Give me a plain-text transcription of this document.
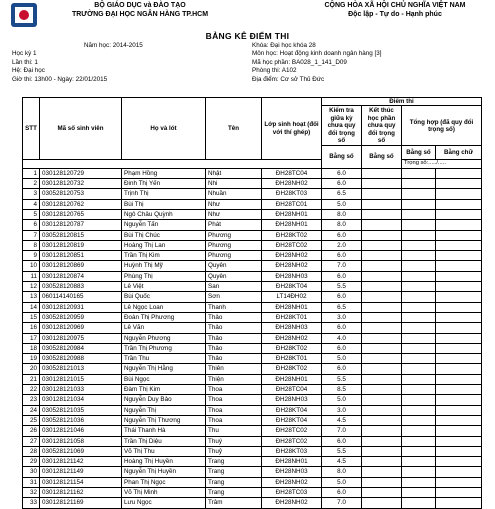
BỘ GIÁO DỤC và ĐÀO TẠO
TRƯỜNG ĐẠI HỌC NGÂN HÀNG TP.HCM
CỘNG HÒA XÃ HỘI CHỦ NGHĨA VIỆT NAM
Độc lập - Tự do - Hạnh phúc
BẢNG KÊ ĐIỂM THI
Năm học: 2014-2015
Học kỳ 1
Lần thi: 1
Hệ: Đại học
Giờ thi: 13h00 - Ngày: 22/01/2015
Khóa: Đại học khóa 28
Môn học: Hoạt động kinh doanh ngân hàng [3]
Mã học phần: BA028_1_141_D09
Phòng thi: A102
Địa điểm: Cơ sở Thủ Đức
STT	Mã số sinh viên	Họ và lót	Tên	Lớp sinh hoạt (đối với thí ghép)	Điểm thi			
					Kiểm tra giữa kỳ chưa quy đổi trọng số	Kết thúc học phần chưa quy đổi trọng số	Tổng hợp (đã quy đổi trọng số)	
					Bằng số	Bằng số	Bằng số	Bằng chữ
							Trọng số:...../.....	
1	030128120729	Phạm Hồng	Nhật	ĐH28TC04	6.0			
2	030128120732	Đinh Thị Yến	Nhi	ĐH28NH02	6.0			
3	030528120753	Trịnh Thị	Nhuần	ĐH28KT03	6.5			
4	030128120762	Bùi Thị	Như	ĐH28TC01	5.0			
5	030128120765	Ngô Châu Quỳnh	Như	ĐH28NH01	8.0			
6	030128120787	Nguyễn Tấn	Phát	ĐH28NH01	8.0			
7	030528120815	Bùi Thị Chúc	Phương	ĐH28KT02	6.0			
8	030128120819	Hoàng Thị Lan	Phương	ĐH28TC02	2.0			
9	030128120851	Trần Thị Kim	Phương	ĐH28NH02	6.0			
10	030128120869	Huỳnh Thị Mỹ	Quyên	ĐH28NH02	7.0			
11	030128120874	Phùng Thị	Quyên	ĐH28NH03	6.0			
12	030528120883	Lê Việt	San	ĐH28KT04	5.5			
13	060114140165	Bùi Quốc	Sơn	LT14ĐH02	6.0			
14	030128120931	Lê Ngọc Loan	Thanh	ĐH28NH01	6.5			
15	030528120959	Đoàn Thị Phương	Thảo	ĐH28KT01	3.0			
16	030128120969	Lê Văn	Thảo	ĐH28NH03	6.0			
17	030128120975	Nguyễn Phương	Thảo	ĐH28NH02	4.0			
18	030528120984	Trần Thị Phương	Thảo	ĐH28KT02	6.0			
19	030528120988	Trần Thu	Thảo	ĐH28KT01	5.0			
20	030528121013	Nguyễn Thị Hằng	Thiên	ĐH28KT02	6.0			
21	030128121015	Bùi Ngọc	Thiện	ĐH28NH01	5.5			
22	030128121033	Đàm Thị Kim	Thoa	ĐH28TC04	8.5			
23	030128121034	Nguyễn Duy Bảo	Thoa	ĐH28NH03	5.0			
24	030528121035	Nguyễn Thị	Thoa	ĐH28KT04	3.0			
25	030528121036	Nguyễn Thị Thương	Thoa	ĐH28KT04	4.5			
26	030128121046	Thái Thanh Hà	Thu	ĐH28TC02	7.0			
27	030128121058	Trần Thị Diệu	Thuý	ĐH28TC02	6.0			
28	030528121069	Võ Thị Thu	Thuỷ	ĐH28KT03	5.5			
29	030128121142	Hoàng Thị Huyền	Trang	ĐH28NH01	4.5			
30	030128121149	Nguyễn Thị Huyền	Trang	ĐH28NH03	8.0			
31	030128121154	Phan Thị Ngọc	Trang	ĐH28NH02	5.0			
32	030128121162	Võ Thị Minh	Trang	ĐH28TC03	6.0			
33	030128121169	Lưu Ngọc	Trâm	ĐH28NH02	7.0			
